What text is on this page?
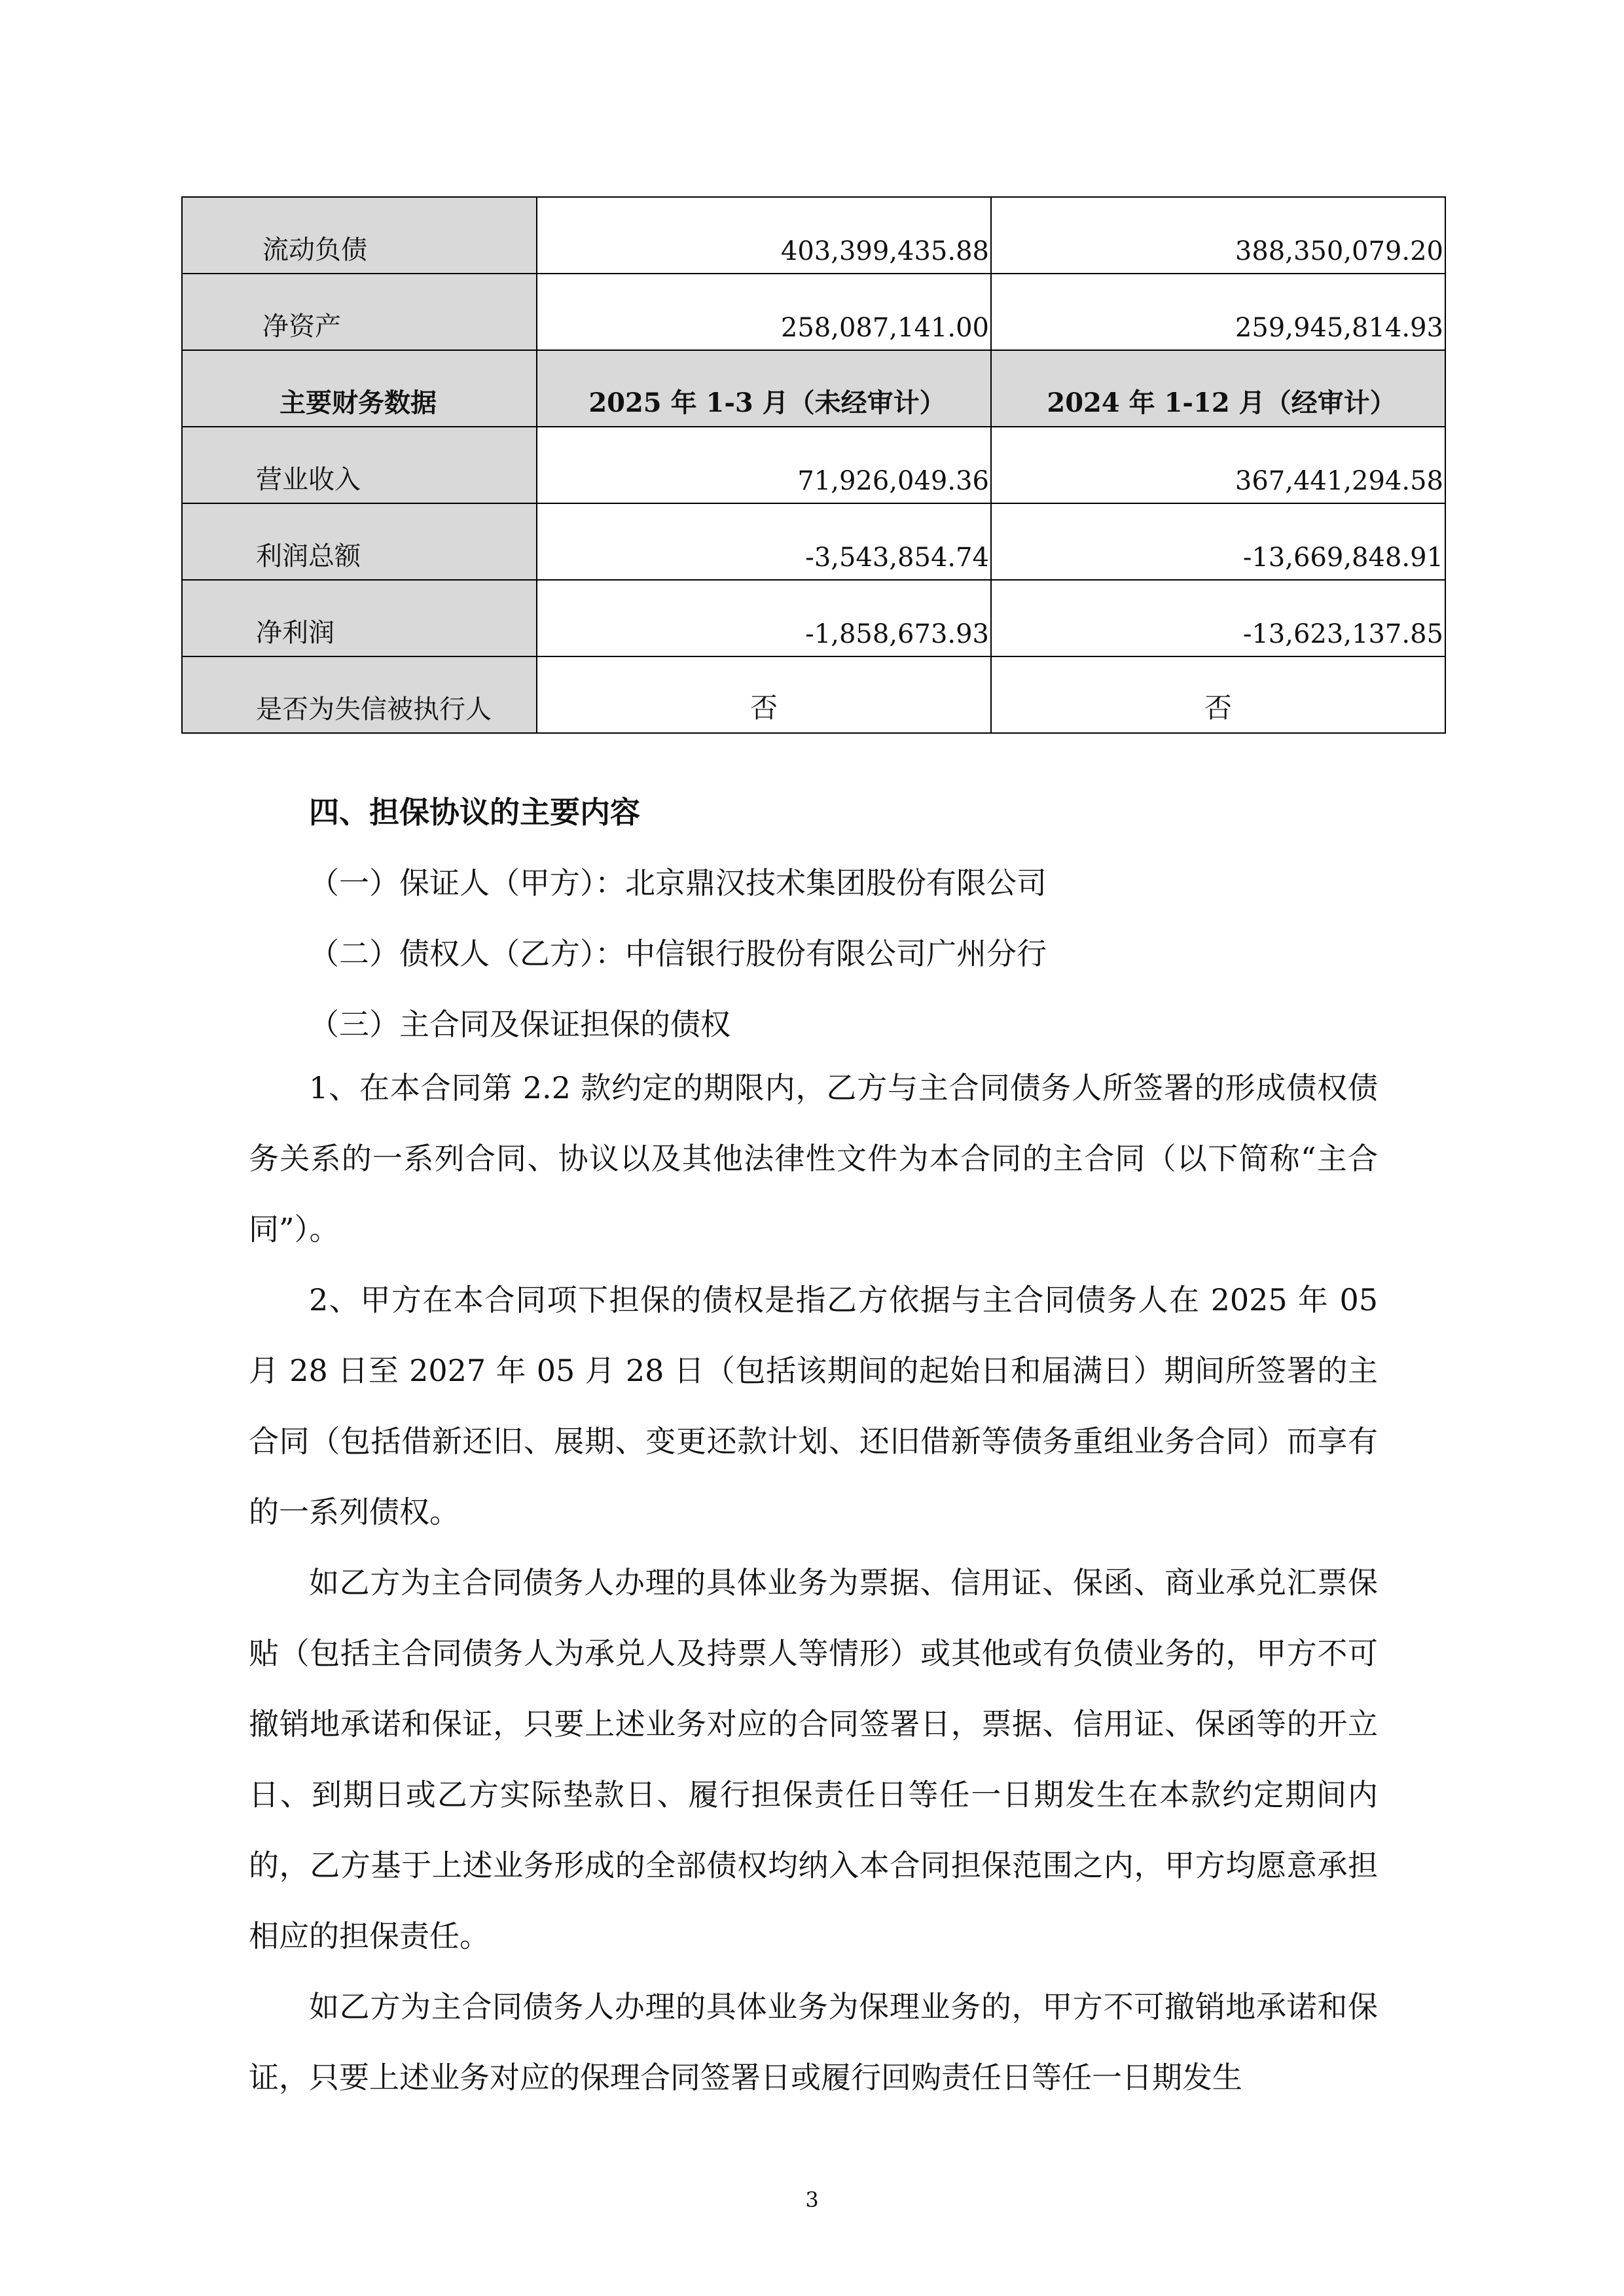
流动负债	403,399,435.88	388,350,079.20
净资产	258,087,141.00	259,945,814.93
主要财务数据	2025 年 1-3 月（未经审计）	2024 年 1-12 月（经审计）
营业收入	71,926,049.36	367,441,294.58
利润总额	-3,543,854.74	-13,669,848.91
净利润	-1,858,673.93	-13,623,137.85
是否为失信被执行人	否	否
四、担保协议的主要内容
（一）保证人（甲方）：北京鼎汉技术集团股份有限公司
（二）债权人（乙方）：中信银行股份有限公司广州分行
（三）主合同及保证担保的债权

1、在本合同第 2.2 款约定的期限内，乙方与主合同债务人所签署的形成债权债务关系的一系列合同、协议以及其他法律性文件为本合同的主合同（以下简称“主合同”）。

2、甲方在本合同项下担保的债权是指乙方依据与主合同债务人在 2025 年 05 月 28 日至 2027 年 05 月 28 日（包括该期间的起始日和届满日）期间所签署的主合同（包括借新还旧、展期、变更还款计划、还旧借新等债务重组业务合同）而享有的一系列债权。

如乙方为主合同债务人办理的具体业务为票据、信用证、保函、商业承兑汇票保贴（包括主合同债务人为承兑人及持票人等情形）或其他或有负债业务的，甲方不可撤销地承诺和保证，只要上述业务对应的合同签署日，票据、信用证、保函等的开立日、到期日或乙方实际垫款日、履行担保责任日等任一日期发生在本款约定期间内的，乙方基于上述业务形成的全部债权均纳入本合同担保范围之内，甲方均愿意承担相应的担保责任。

如乙方为主合同债务人办理的具体业务为保理业务的，甲方不可撤销地承诺和保证，只要上述业务对应的保理合同签署日或履行回购责任日等任一日期发生

3
